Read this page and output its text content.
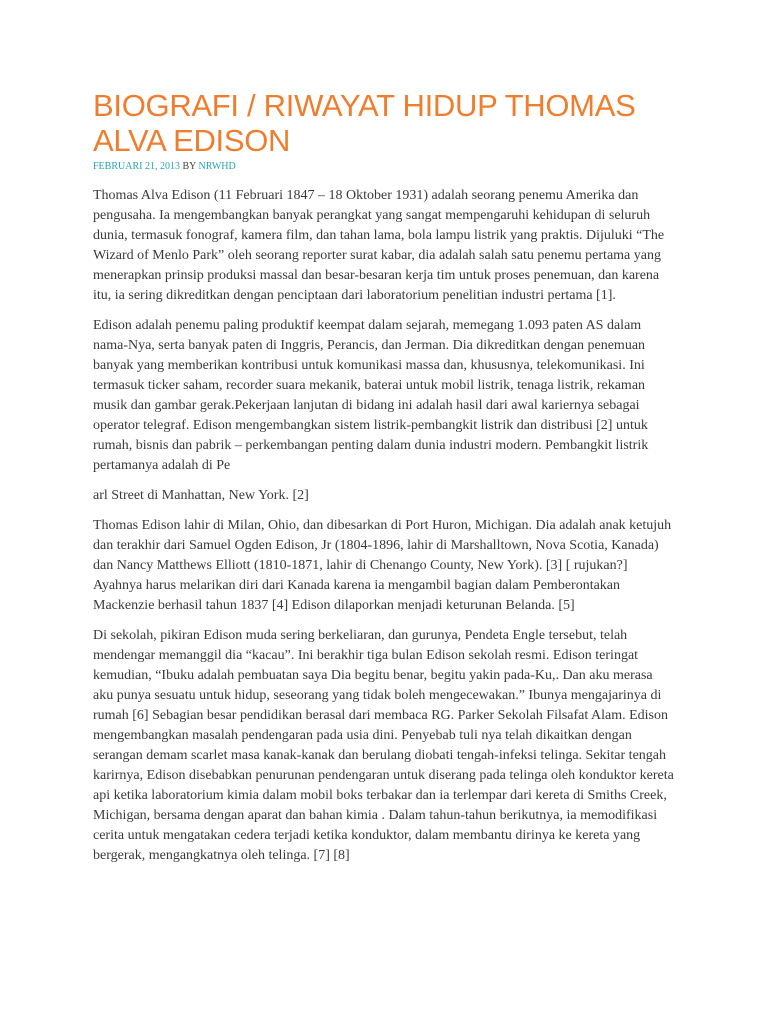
BIOGRAFI / RIWAYAT HIDUP THOMAS ALVA EDISON
FEBRUARI 21, 2013 BY NRWHD

Thomas Alva Edison (11 Februari 1847 – 18 Oktober 1931) adalah seorang penemu Amerika dan pengusaha. Ia mengembangkan banyak perangkat yang sangat mempengaruhi kehidupan di seluruh dunia, termasuk fonograf, kamera film, dan tahan lama, bola lampu listrik yang praktis. Dijuluki “The Wizard of Menlo Park” oleh seorang reporter surat kabar, dia adalah salah satu penemu pertama yang menerapkan prinsip produksi massal dan besar-besaran kerja tim untuk proses penemuan, dan karena itu, ia sering dikreditkan dengan penciptaan dari laboratorium penelitian industri pertama [1].

Edison adalah penemu paling produktif keempat dalam sejarah, memegang 1.093 paten AS dalam nama-Nya, serta banyak paten di Inggris, Perancis, dan Jerman. Dia dikreditkan dengan penemuan banyak yang memberikan kontribusi untuk komunikasi massa dan, khususnya, telekomunikasi. Ini termasuk ticker saham, recorder suara mekanik, baterai untuk mobil listrik, tenaga listrik, rekaman musik dan gambar gerak.Pekerjaan lanjutan di bidang ini adalah hasil dari awal kariernya sebagai operator telegraf. Edison mengembangkan sistem listrik-pembangkit listrik dan distribusi [2] untuk rumah, bisnis dan pabrik – perkembangan penting dalam dunia industri modern. Pembangkit listrik pertamanya adalah di Pe

arl Street di Manhattan, New York. [2]

Thomas Edison lahir di Milan, Ohio, dan dibesarkan di Port Huron, Michigan. Dia adalah anak ketujuh dan terakhir dari Samuel Ogden Edison, Jr (1804-1896, lahir di Marshalltown, Nova Scotia, Kanada) dan Nancy Matthews Elliott (1810-1871, lahir di Chenango County, New York). [3] [ rujukan?] Ayahnya harus melarikan diri dari Kanada karena ia mengambil bagian dalam Pemberontakan Mackenzie berhasil tahun 1837 [4] Edison dilaporkan menjadi keturunan Belanda. [5]

Di sekolah, pikiran Edison muda sering berkeliaran, dan gurunya, Pendeta Engle tersebut, telah mendengar memanggil dia “kacau”. Ini berakhir tiga bulan Edison sekolah resmi. Edison teringat kemudian, “Ibuku adalah pembuatan saya Dia begitu benar, begitu yakin pada-Ku,. Dan aku merasa aku punya sesuatu untuk hidup, seseorang yang tidak boleh mengecewakan.” Ibunya mengajarinya di rumah [6] Sebagian besar pendidikan berasal dari membaca RG. Parker Sekolah Filsafat Alam. Edison mengembangkan masalah pendengaran pada usia dini. Penyebab tuli nya telah dikaitkan dengan serangan demam scarlet masa kanak-kanak dan berulang diobati tengah-infeksi telinga. Sekitar tengah karirnya, Edison disebabkan penurunan pendengaran untuk diserang pada telinga oleh konduktor kereta api ketika laboratorium kimia dalam mobil boks terbakar dan ia terlempar dari kereta di Smiths Creek, Michigan, bersama dengan aparat dan bahan kimia . Dalam tahun-tahun berikutnya, ia memodifikasi cerita untuk mengatakan cedera terjadi ketika konduktor, dalam membantu dirinya ke kereta yang bergerak, mengangkatnya oleh telinga. [7] [8]
